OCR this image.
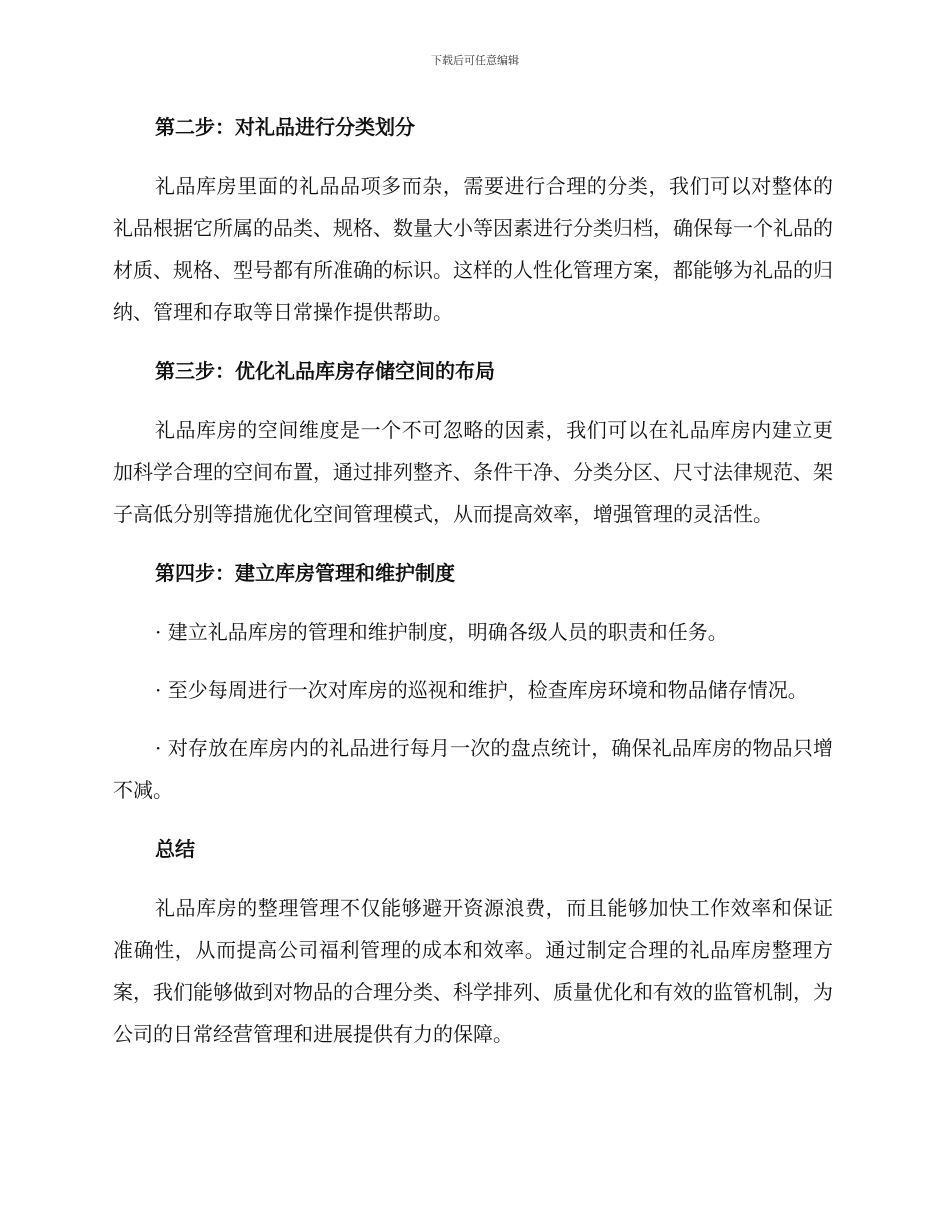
下载后可任意编辑
第二步：对礼品进行分类划分

礼品库房里面的礼品品项多而杂，需要进行合理的分类，我们可以对整体的礼品根据它所属的品类、规格、数量大小等因素进行分类归档，确保每一个礼品的材质、规格、型号都有所准确的标识。这样的人性化管理方案，都能够为礼品的归纳、管理和存取等日常操作提供帮助。

第三步：优化礼品库房存储空间的布局

礼品库房的空间维度是一个不可忽略的因素，我们可以在礼品库房内建立更加科学合理的空间布置，通过排列整齐、条件干净、分类分区、尺寸法律规范、架子高低分别等措施优化空间管理模式，从而提高效率，增强管理的灵活性。

第四步：建立库房管理和维护制度

· 建立礼品库房的管理和维护制度，明确各级人员的职责和任务。

· 至少每周进行一次对库房的巡视和维护，检查库房环境和物品储存情况。

· 对存放在库房内的礼品进行每月一次的盘点统计，确保礼品库房的物品只增不减。

总结

礼品库房的整理管理不仅能够避开资源浪费，而且能够加快工作效率和保证准确性，从而提高公司福利管理的成本和效率。通过制定合理的礼品库房整理方案，我们能够做到对物品的合理分类、科学排列、质量优化和有效的监管机制，为公司的日常经营管理和进展提供有力的保障。
